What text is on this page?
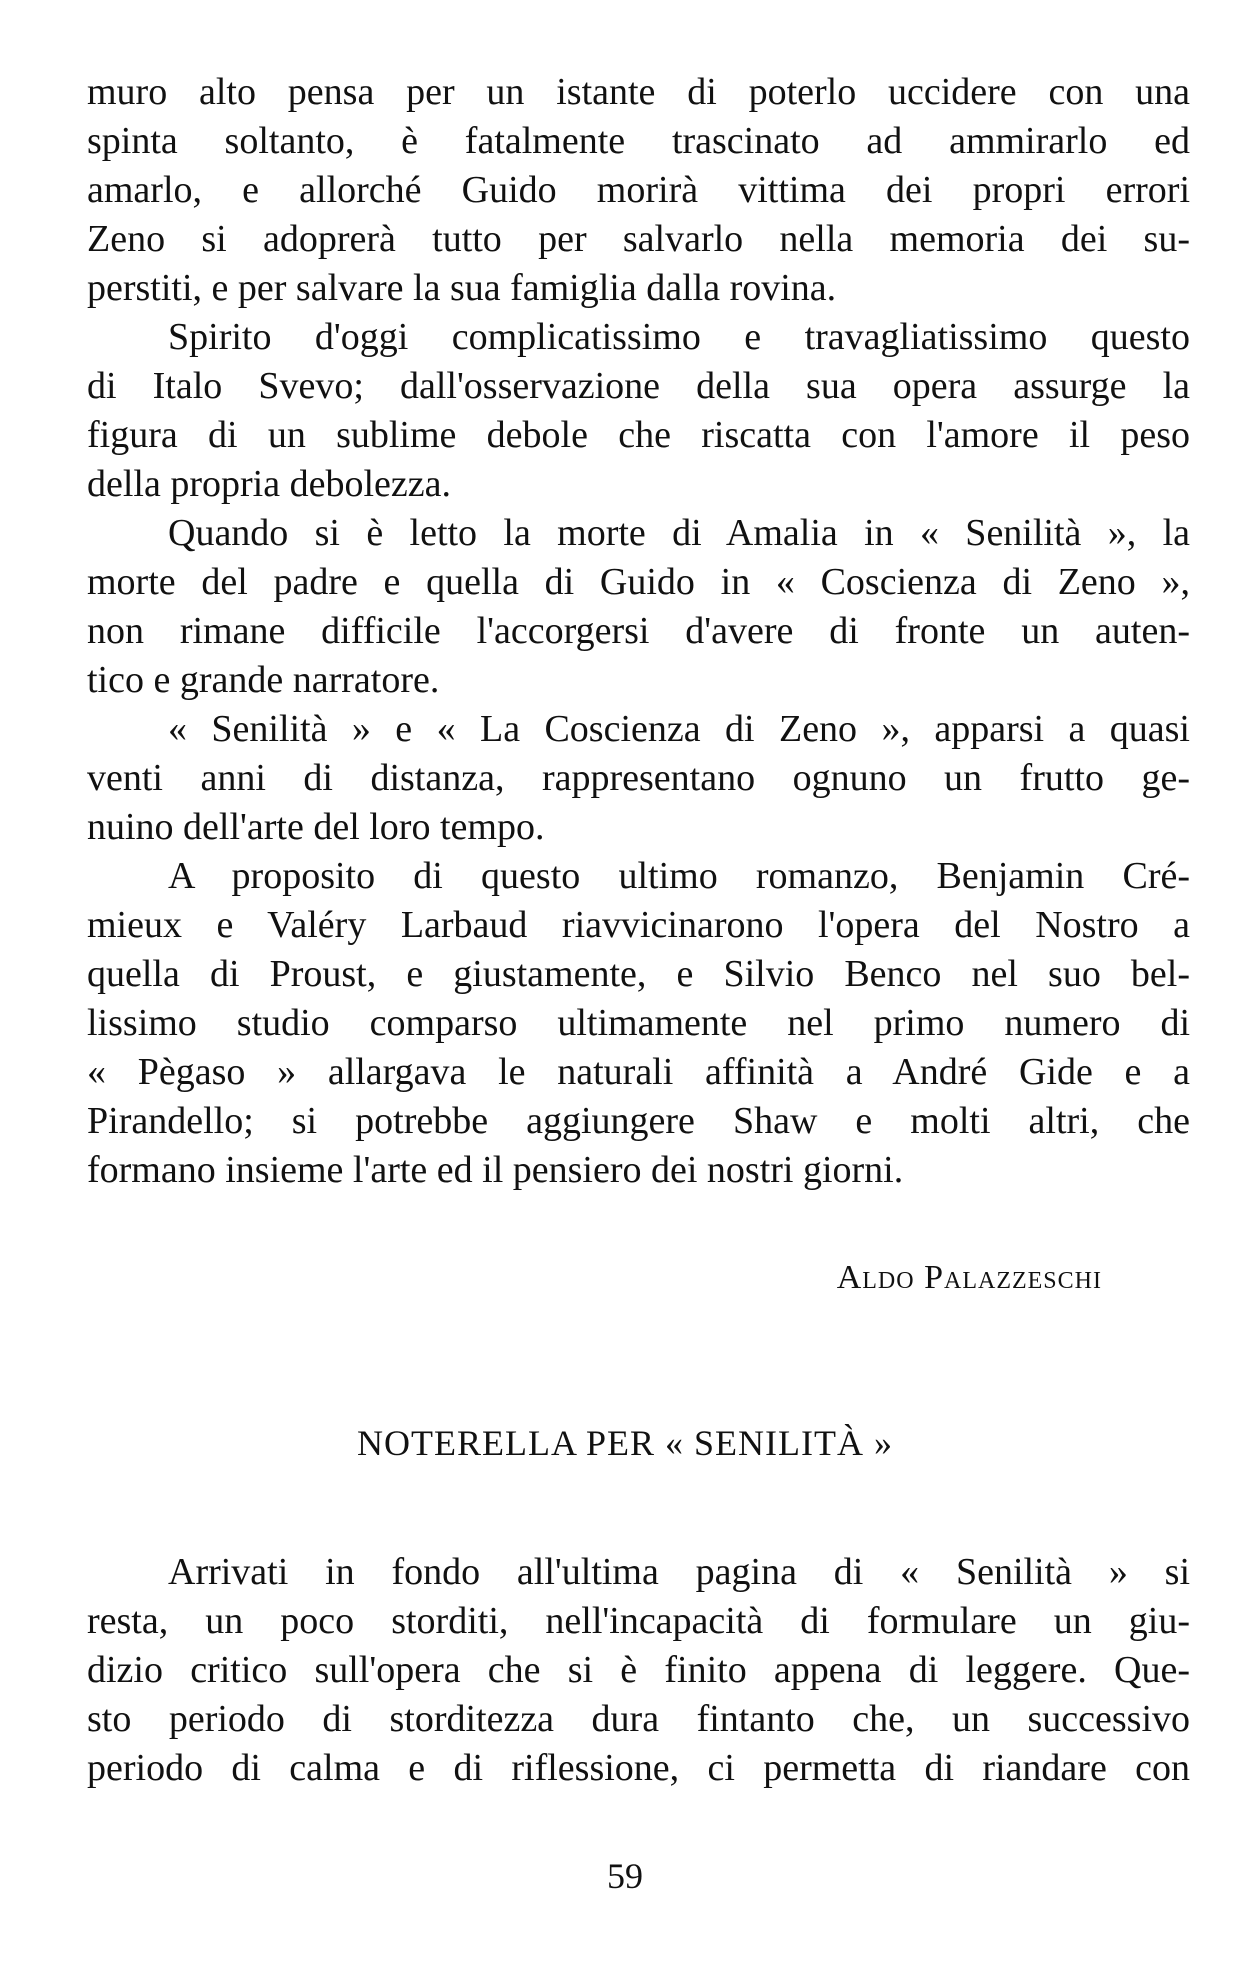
muro alto pensa per un istante di poterlo uccidere con una
spinta soltanto, è fatalmente trascinato ad ammirarlo ed
amarlo, e allorché Guido morirà vittima dei propri errori
Zeno si adoprerà tutto per salvarlo nella memoria dei su-
perstiti, e per salvare la sua famiglia dalla rovina.
Spirito d'oggi complicatissimo e travagliatissimo questo
di Italo Svevo; dall'osservazione della sua opera assurge la
figura di un sublime debole che riscatta con l'amore il peso
della propria debolezza.
Quando si è letto la morte di Amalia in « Senilità », la
morte del padre e quella di Guido in « Coscienza di Zeno »,
non rimane difficile l'accorgersi d'avere di fronte un auten-
tico e grande narratore.
« Senilità » e « La Coscienza di Zeno », apparsi a quasi
venti anni di distanza, rappresentano ognuno un frutto ge-
nuino dell'arte del loro tempo.
A proposito di questo ultimo romanzo, Benjamin Cré-
mieux e Valéry Larbaud riavvicinarono l'opera del Nostro a
quella di Proust, e giustamente, e Silvio Benco nel suo bel-
lissimo studio comparso ultimamente nel primo numero di
« Pègaso » allargava le naturali affinità a André Gide e a
Pirandello; si potrebbe aggiungere Shaw e molti altri, che
formano insieme l'arte ed il pensiero dei nostri giorni.
Aldo Palazzeschi
NOTERELLA PER « SENILITÀ »
Arrivati in fondo all'ultima pagina di « Senilità » si
resta, un poco storditi, nell'incapacità di formulare un giu-
dizio critico sull'opera che si è finito appena di leggere. Que-
sto periodo di storditezza dura fintanto che, un successivo
periodo di calma e di riflessione, ci permetta di riandare con
59
